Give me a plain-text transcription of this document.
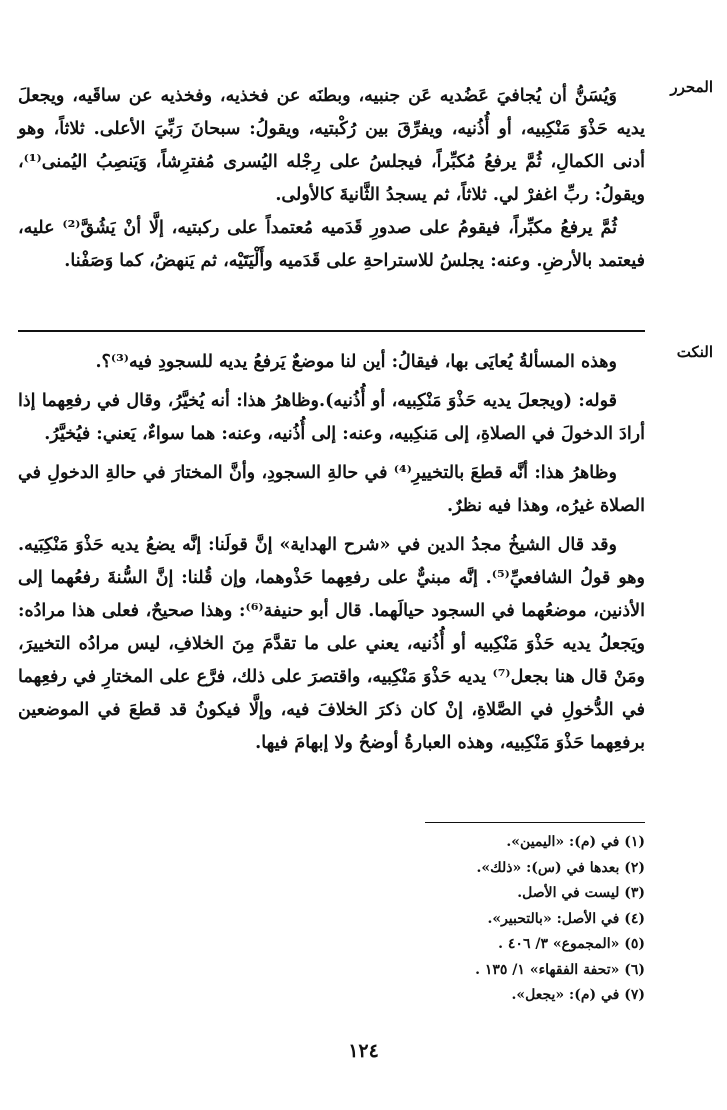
المحرر

وَيُسَنُّ أن يُجافيَ عَضُديه عَن جنبيه، وبطنَه عن فخذيه، وفخذيه عن ساقَيه، ويجعلَ يديه حَذْوَ مَنْكِبيه، أو أُذُنيه، ويفرِّقَ بين رُكْبتيه، ويقولُ: سبحانَ رَبِّيَ الأعلى. ثلاثاً، وهو أدنى الكمالِ، ثُمَّ يرفعُ مُكبِّراً، فيجلسُ على رِجْله اليُسرى مُفترِشاً، وَيَنصِبُ اليُمنى⁽¹⁾، ويقولُ: ربِّ اغفرْ لي. ثلاثاً، ثم يسجدُ الثَّانيةَ كالأولى.

ثُمَّ يرفعُ مكبِّراً، فيقومُ على صدورِ قَدَميه مُعتمداً على ركبتيه، إلَّا أنْ يَشُقَّ⁽²⁾ عليه، فيعتمد بالأرضِ. وعنه: يجلسُ للاستراحةِ على قَدَميه وأَلْيَتَيْه، ثم يَنهضُ، كما وَصَفْنا.

النكت

وهذه المسألةُ يُعايَى بها، فيقالُ: أين لنا موضعٌ يَرفعُ يديه للسجودِ فيه⁽³⁾؟.

قوله: (ويجعلَ يديه حَذْوَ مَنْكِبيه، أو أُذُنيه).وظاهرُ هذا: أنه يُخيَّرُ، وقال في رفعِهما إذا أرادَ الدخولَ في الصلاةِ، إلى مَنكِبيه، وعنه: إلى أُذُنيه، وعنه: هما سواءٌ، يَعني: فيُخيَّرُ.

وظاهرُ هذا: أنَّه قطعَ بالتخييرِ⁽⁴⁾ في حالةِ السجودِ، وأنَّ المختارَ في حالةِ الدخولِ في الصلاة غيرُه، وهذا فيه نظرٌ.

وقد قال الشيخُ مجدُ الدين في «شرح الهداية» إنَّ قولَنا: إنَّه يضعُ يديه حَذْوَ مَنْكِبَيه. وهو قولُ الشافعيِّ⁽⁵⁾. إنَّه مبنيٌّ على رفعِهما حَذْوهما، وإن قُلنا: إنَّ السُّنةَ رفعُهما إلى الأذنين، موضعُهما في السجود حيالَهما. قال أبو حنيفة⁽⁶⁾: وهذا صحيحٌ، فعلى هذا مرادُه: ويَجعلُ يديه حَذْوَ مَنْكِبيه أو أُذُنيه، يعني على ما تقدَّمَ مِنَ الخلافِ، ليس مرادُه التخييرَ، ومَنْ قال هنا بجعل⁽⁷⁾ يديه حَذْوَ مَنْكِبيه، واقتصرَ على ذلك، فرَّع على المختارِ في رفعِهما في الدُّخولِ في الصَّلاةِ، إنْ كان ذكرَ الخلافَ فيه، وإلَّا فيكونُ قد قطعَ في الموضعين برفعِهما حَذْوَ مَنْكِبيه، وهذه العبارةُ أوضحُ ولا إبهامَ فيها.

(١) في (م): «اليمين».
(٢) بعدها في (س): «ذلك».
(٣) ليست في الأصل.
(٤) في الأصل: «بالتحبير».
(٥) «المجموع» ٣/ ٤٠٦ .
(٦) «تحفة الفقهاء» ١/ ١٣٥ .
(٧) في (م): «يجعل».
١٢٤
